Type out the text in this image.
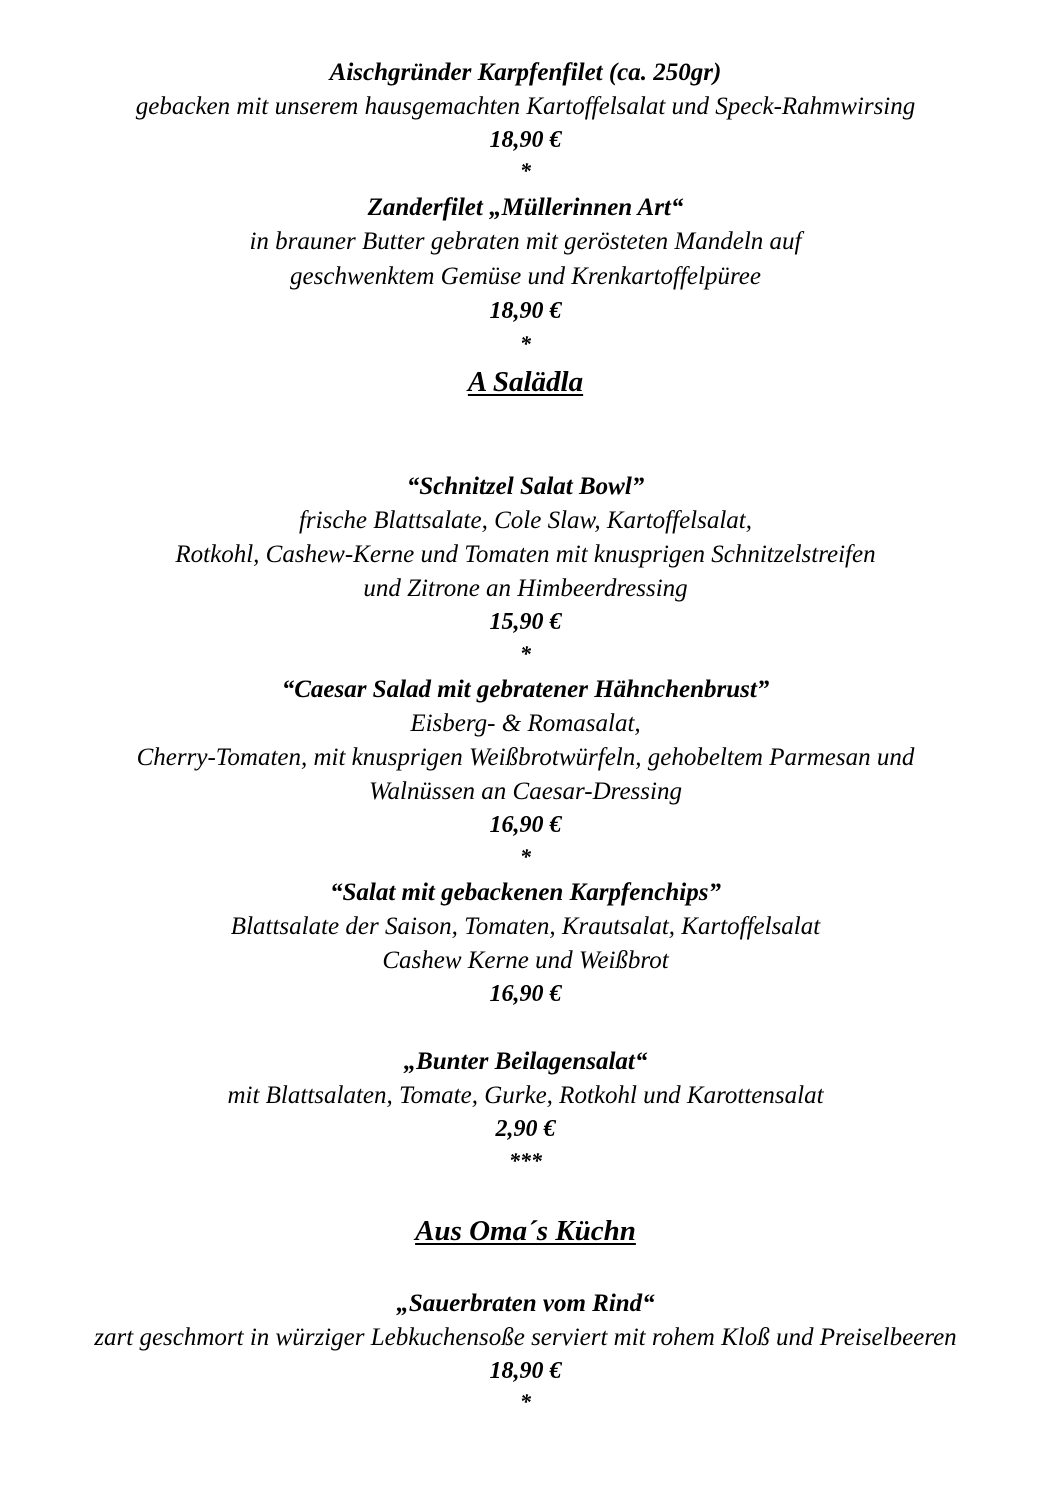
Aischgründer Karpfenfilet (ca. 250gr)
gebacken mit unserem hausgemachten Kartoffelsalat und Speck-Rahmwirsing
18,90 €
*
Zanderfilet „Müllerinnen Art“
in brauner Butter gebraten mit gerösteten Mandeln auf
geschwenktem Gemüse und Krenkartoffelpüree
18,90 €
*
A Salädla
“Schnitzel Salat Bowl”
frische Blattsalate, Cole Slaw, Kartoffelsalat,
Rotkohl, Cashew-Kerne und Tomaten mit knusprigen Schnitzelstreifen
und Zitrone an Himbeerdressing
15,90 €
*
“Caesar Salad mit gebratener Hähnchenbrust”
Eisberg- & Romasalat,
Cherry-Tomaten, mit knusprigen Weißbrotwürfeln, gehobeltem Parmesan und
Walnüssen an Caesar-Dressing
16,90 €
*
“Salat mit gebackenen Karpfenchips”
Blattsalate der Saison, Tomaten, Krautsalat, Kartoffelsalat
Cashew Kerne und Weißbrot
16,90 €
„Bunter Beilagensalat“
mit Blattsalaten, Tomate, Gurke, Rotkohl und Karottensalat
2,90 €
***
Aus Oma´s Küchn
„Sauerbraten vom Rind“
zart geschmort in würziger Lebkuchensoße serviert mit rohem Kloß und Preiselbeeren
18,90 €
*
